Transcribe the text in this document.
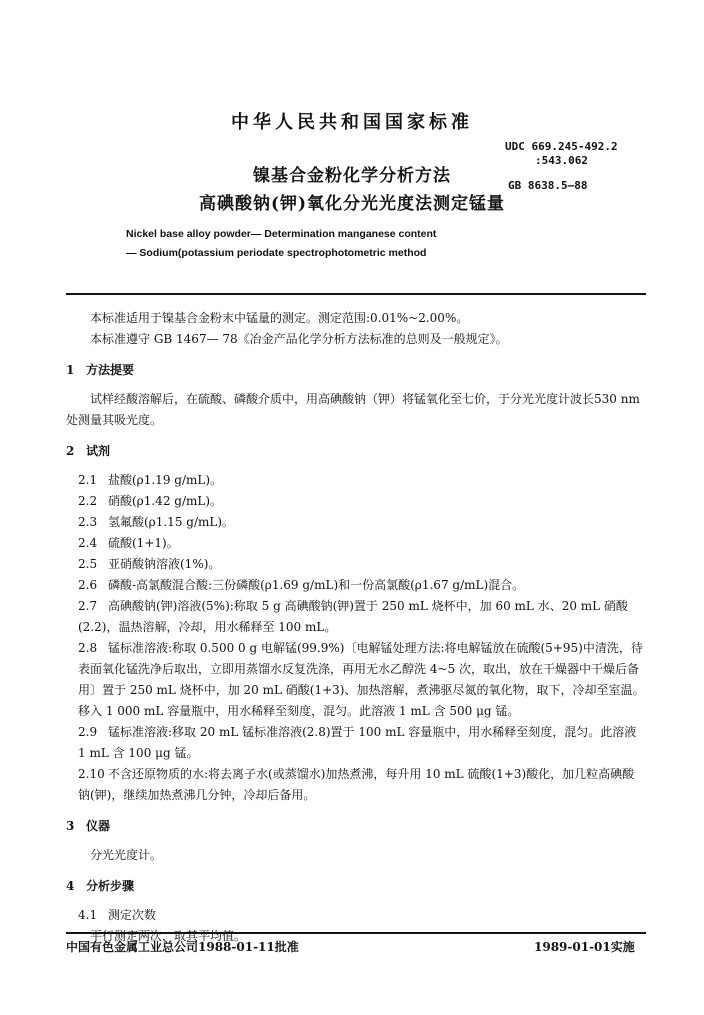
中华人民共和国国家标准
UDC 669.245-492.2
:543.062
镍基合金粉化学分析方法	GB 8638.5—88
高碘酸钠(钾)氧化分光光度法测定锰量
Nickel base alloy powder— Determination manganese content
— Sodium(potassium periodate spectrophotometric method

本标准适用于镍基合金粉末中锰量的测定。测定范围:0.01%~2.00%。

本标准遵守 GB 1467— 78《冶金产品化学分析方法标准的总则及一般规定》。

1 方法提要

试样经酸溶解后，在硫酸、磷酸介质中，用高碘酸钠（钾）将锰氧化至七价，于分光光度计波长530 nm 处测量其吸光度。

2 试剂

2.1 盐酸(ρ1.19 g/mL)。

2.2 硝酸(ρ1.42 g/mL)。

2.3 氢氟酸(ρ1.15 g/mL)。

2.4 硫酸(1+1)。

2.5 亚硝酸钠溶液(1%)。

2.6 磷酸-高氯酸混合酸:三份磷酸(ρ1.69 g/mL)和一份高氯酸(ρ1.67 g/mL)混合。

2.7 高碘酸钠(钾)溶液(5%):称取 5 g 高碘酸钠(钾)置于 250 mL 烧杯中，加 60 mL 水、20 mL 硝酸(2.2)，温热溶解，冷却，用水稀释至 100 mL。

2.8 锰标准溶液:称取 0.500 0 g 电解锰(99.9%)〔电解锰处理方法:将电解锰放在硫酸(5+95)中清洗，待表面氧化锰洗净后取出，立即用蒸馏水反复洗涤，再用无水乙醇洗 4~5 次，取出，放在干燥器中干燥后备用〕置于 250 mL 烧杯中，加 20 mL 硝酸(1+3)、加热溶解，煮沸驱尽氮的氧化物，取下，冷却至室温。移入 1 000 mL 容量瓶中，用水稀释至刻度，混匀。此溶液 1 mL 含 500 μg 锰。

2.9 锰标准溶液:移取 20 mL 锰标准溶液(2.8)置于 100 mL 容量瓶中，用水稀释至刻度，混匀。此溶液 1 mL 含 100 μg 锰。

2.10 不含还原物质的水:将去离子水(或蒸馏水)加热煮沸，每升用 10 mL 硫酸(1+3)酸化，加几粒高碘酸钠(钾)，继续加热煮沸几分钟，冷却后备用。

3 仪器

分光光度计。

4 分析步骤

4.1 测定次数

平行测定两次，取其平均值。

中国有色金属工业总公司1988-01-11批准	1989-01-01实施
